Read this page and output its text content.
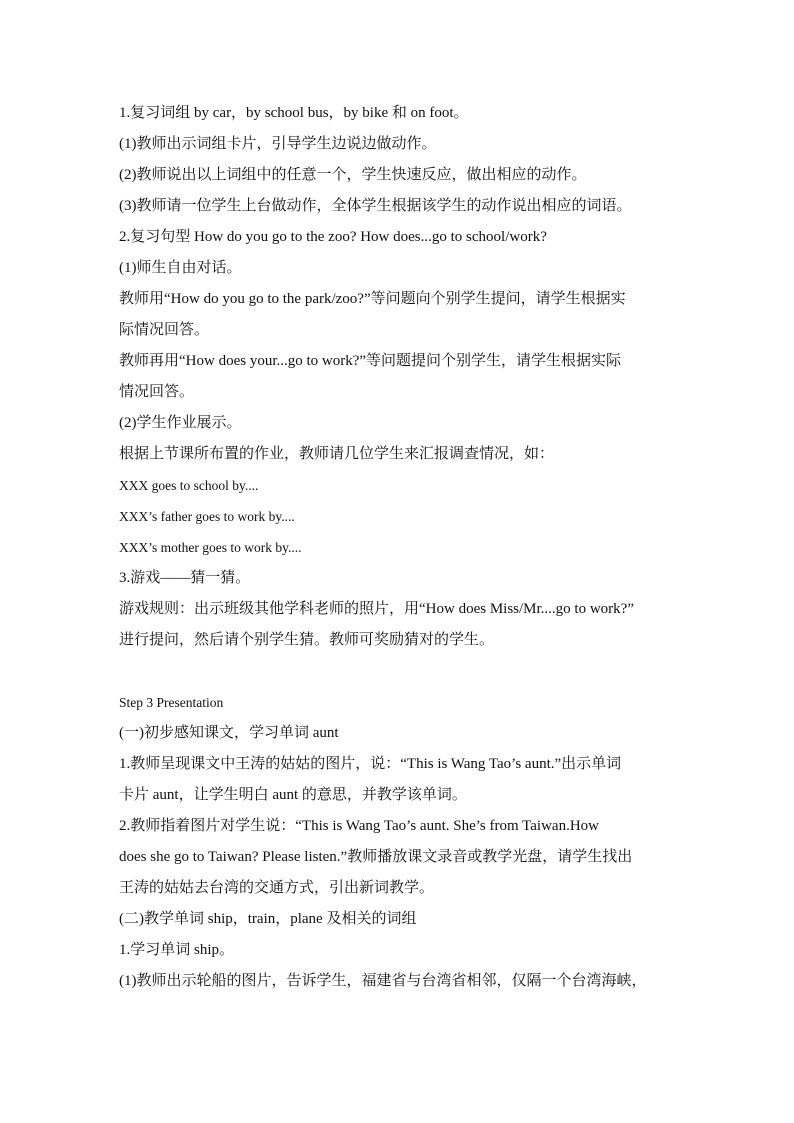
1.复习词组 by car，by school bus，by bike 和 on foot。
(1)教师出示词组卡片，引导学生边说边做动作。
(2)教师说出以上词组中的任意一个，学生快速反应，做出相应的动作。
(3)教师请一位学生上台做动作，全体学生根据该学生的动作说出相应的词语。
2.复习句型 How do you go to the zoo? How does...go to school/work?
(1)师生自由对话。
教师用“How do you go to the park/zoo?”等问题向个别学生提问，请学生根据实
际情况回答。
教师再用“How does your...go to work?”等问题提问个别学生，请学生根据实际
情况回答。
(2)学生作业展示。
根据上节课所布置的作业，教师请几位学生来汇报调查情况，如：
XXX goes to school by....
XXX’s father goes to work by....
XXX’s mother goes to work by....
3.游戏——猜一猜。
游戏规则：出示班级其他学科老师的照片，用“How does Miss/Mr....go to work?”
进行提问，然后请个别学生猜。教师可奖励猜对的学生。
Step 3 Presentation
(一)初步感知课文，学习单词 aunt
1.教师呈现课文中王涛的姑姑的图片，说：“This is Wang Tao’s aunt.”出示单词
卡片 aunt，让学生明白 aunt 的意思，并教学该单词。
2.教师指着图片对学生说：“This is Wang Tao’s aunt. She’s from Taiwan.How
does she go to Taiwan? Please listen.”教师播放课文录音或教学光盘，请学生找出
王涛的姑姑去台湾的交通方式，引出新词教学。
(二)教学单词 ship，train，plane 及相关的词组
1.学习单词 ship。
(1)教师出示轮船的图片，告诉学生，福建省与台湾省相邻，仅隔一个台湾海峡，
